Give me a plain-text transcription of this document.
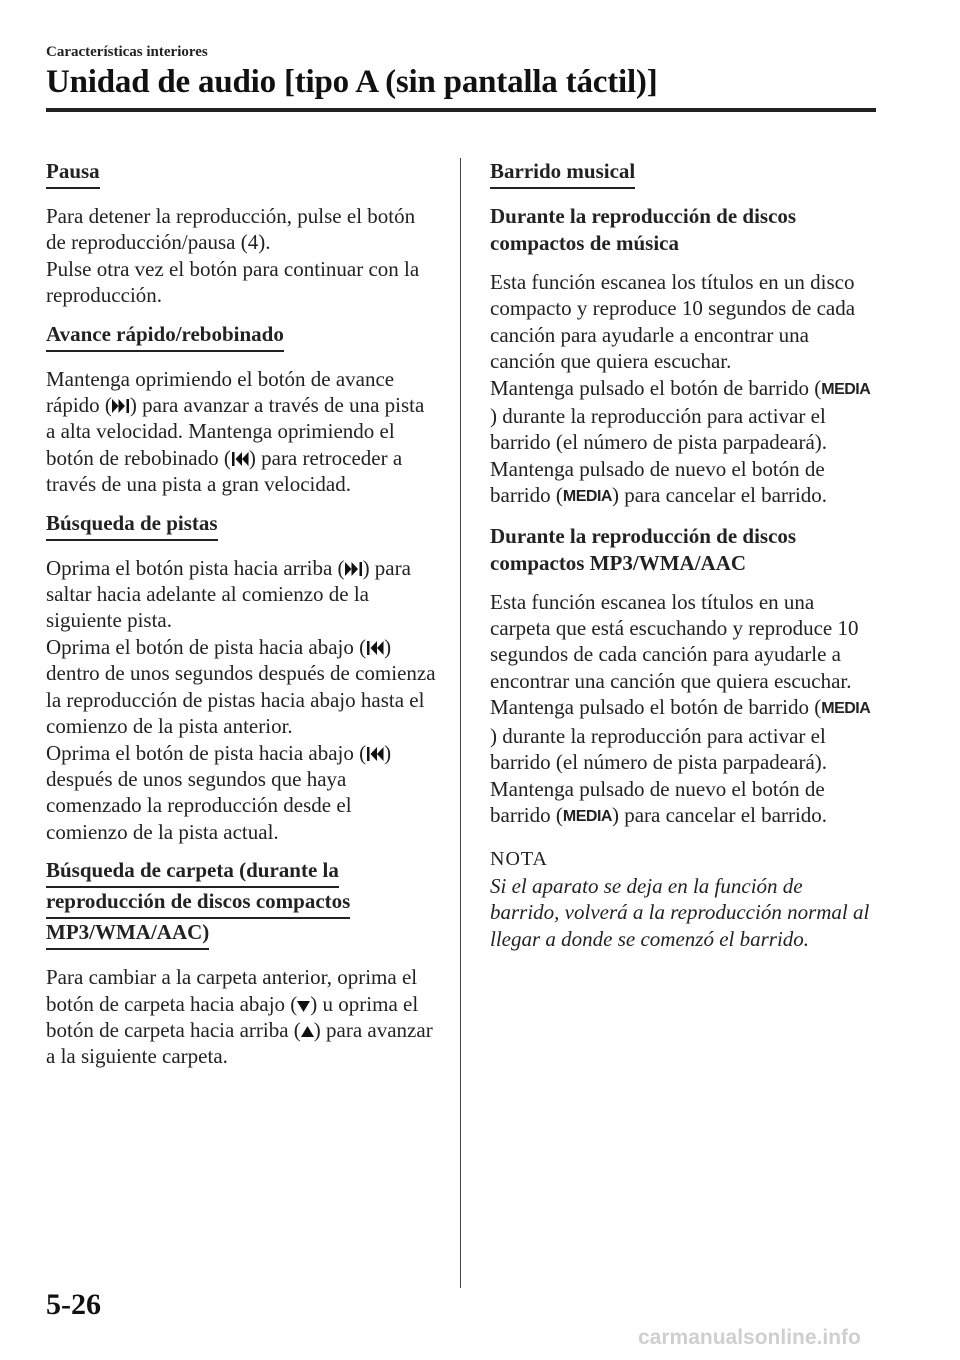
Características interiores
Unidad de audio [tipo A (sin pantalla táctil)]
Pausa

Para detener la reproducción, pulse el botón de reproducción/pausa (4).
Pulse otra vez el botón para continuar con la reproducción.

Avance rápido/rebobinado

Mantenga oprimiendo el botón de avance rápido ( ) para avanzar a través de una pista a alta velocidad. Mantenga oprimiendo el botón de rebobinado ( ) para retroceder a través de una pista a gran velocidad.

Búsqueda de pistas

Oprima el botón pista hacia arriba ( ) para saltar hacia adelante al comienzo de la siguiente pista.
Oprima el botón de pista hacia abajo ( ) dentro de unos segundos después de comienza la reproducción de pistas hacia abajo hasta el comienzo de la pista anterior.
Oprima el botón de pista hacia abajo ( ) después de unos segundos que haya comenzado la reproducción desde el comienzo de la pista actual.

Búsqueda de carpeta (durante la
reproducción de discos compactos
MP3/WMA/AAC)

Para cambiar a la carpeta anterior, oprima el botón de carpeta hacia abajo ( ) u oprima el botón de carpeta hacia arriba ( ) para avanzar a la siguiente carpeta.

Barrido musical

Durante la reproducción de discos compactos de música

Esta función escanea los títulos en un disco compacto y reproduce 10 segundos de cada canción para ayudarle a encontrar una canción que quiera escuchar.
Mantenga pulsado el botón de barrido (MEDIA) durante la reproducción para activar el barrido (el número de pista parpadeará). Mantenga pulsado de nuevo el botón de barrido (MEDIA) para cancelar el barrido.

Durante la reproducción de discos compactos MP3/WMA/AAC

Esta función escanea los títulos en una carpeta que está escuchando y reproduce 10 segundos de cada canción para ayudarle a encontrar una canción que quiera escuchar. Mantenga pulsado el botón de barrido (MEDIA) durante la reproducción para activar el barrido (el número de pista parpadeará).
Mantenga pulsado de nuevo el botón de barrido (MEDIA) para cancelar el barrido.

NOTA

Si el aparato se deja en la función de barrido, volverá a la reproducción normal al llegar a donde se comenzó el barrido.

5-26
carmanualsonline.info
